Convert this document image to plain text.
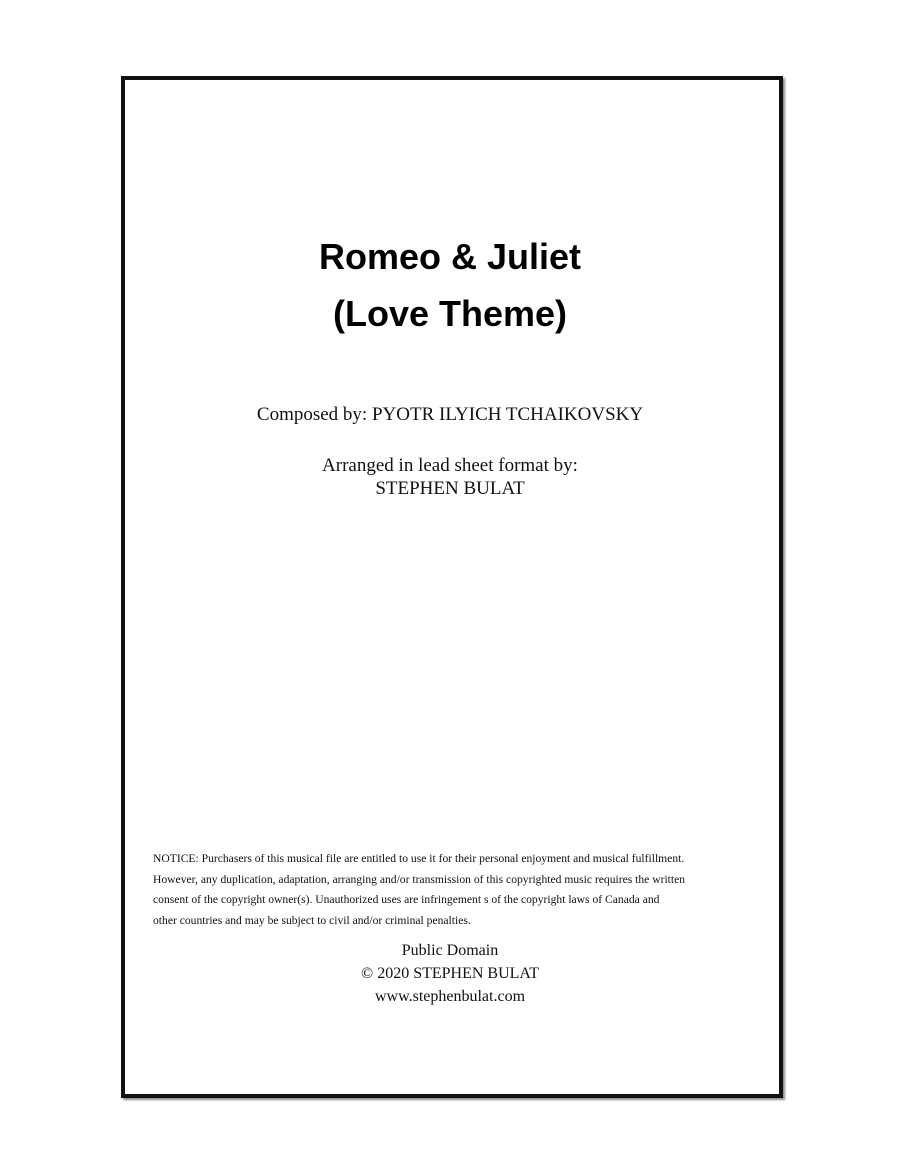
Romeo & Juliet
(Love Theme)
Composed by: PYOTR ILYICH TCHAIKOVSKY
Arranged in lead sheet format by:
STEPHEN BULAT
NOTICE: Purchasers of this musical file are entitled to use it for their personal enjoyment and musical fulfillment.
However, any duplication, adaptation, arranging and/or transmission of this copyrighted music requires the written
consent of the copyright owner(s). Unauthorized uses are infringement s of the copyright laws of Canada and
other countries and may be subject to civil and/or criminal penalties.
Public Domain
© 2020 STEPHEN BULAT
www.stephenbulat.com
